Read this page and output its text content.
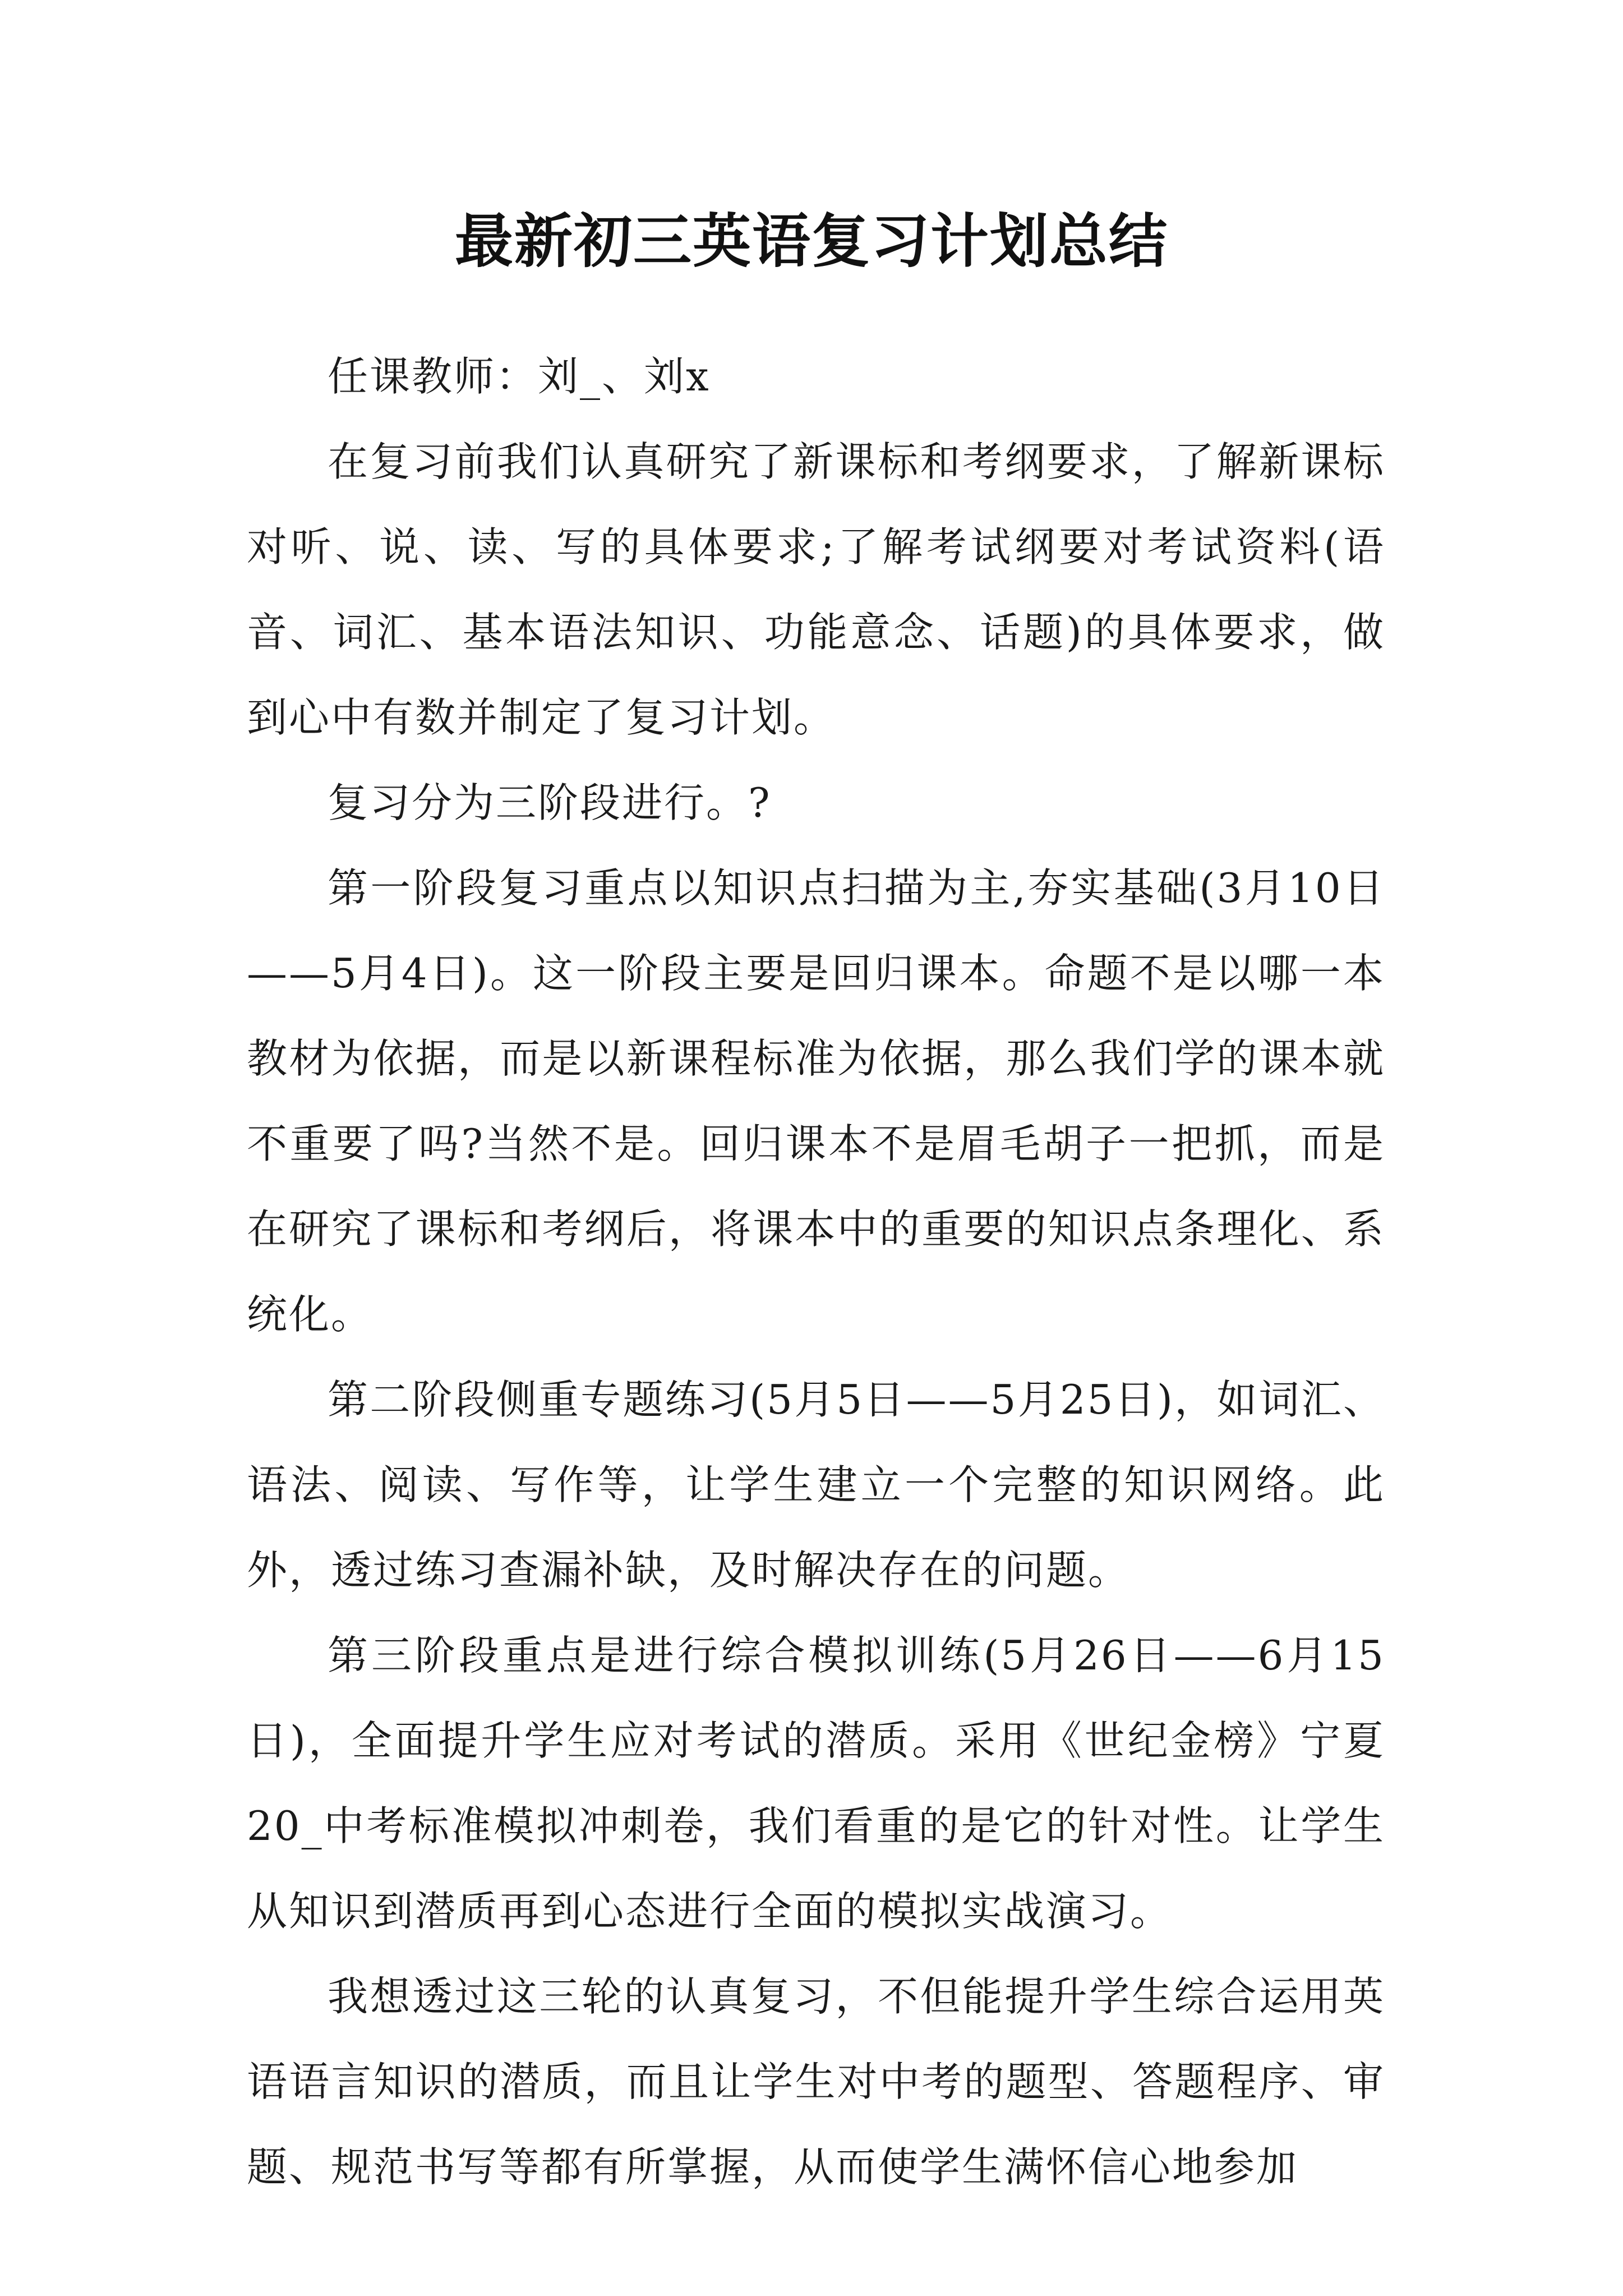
最新初三英语复习计划总结

任课教师：刘_、刘x

在复习前我们认真研究了新课标和考纲要求，了解新课标对听、说、读、写的具体要求;了解考试纲要对考试资料(语音、词汇、基本语法知识、功能意念、话题)的具体要求，做到心中有数并制定了复习计划。

复习分为三阶段进行。?

第一阶段复习重点以知识点扫描为主,夯实基础(3月10日——5月4日)。这一阶段主要是回归课本。命题不是以哪一本教材为依据，而是以新课程标准为依据，那么我们学的课本就不重要了吗?当然不是。回归课本不是眉毛胡子一把抓，而是在研究了课标和考纲后，将课本中的重要的知识点条理化、系统化。

第二阶段侧重专题练习(5月5日——5月25日)，如词汇、语法、阅读、写作等，让学生建立一个完整的知识网络。此外，透过练习查漏补缺，及时解决存在的问题。

第三阶段重点是进行综合模拟训练(5月26日——6月15日)，全面提升学生应对考试的潜质。采用《世纪金榜》宁夏20_中考标准模拟冲刺卷，我们看重的是它的针对性。让学生从知识到潜质再到心态进行全面的模拟实战演习。

我想透过这三轮的认真复习，不但能提升学生综合运用英语语言知识的潜质，而且让学生对中考的题型、答题程序、审题、规范书写等都有所掌握，从而使学生满怀信心地参加
